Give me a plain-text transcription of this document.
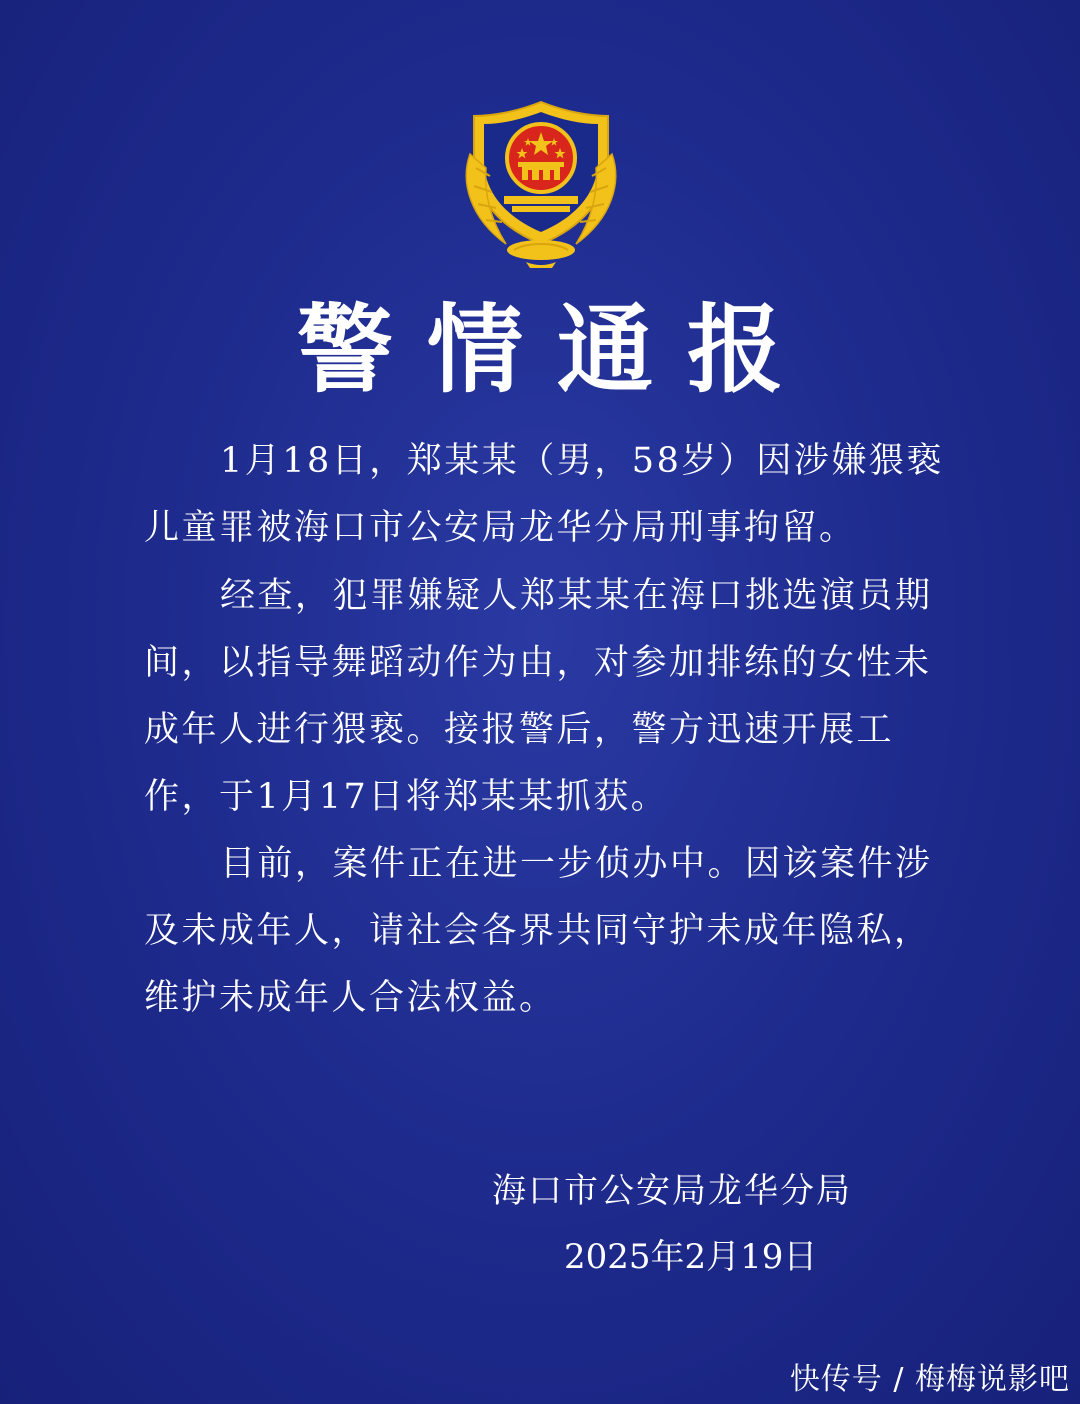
警情通报

1月18日，郑某某（男，58岁）因涉嫌猥亵儿童罪被海口市公安局龙华分局刑事拘留。

经查，犯罪嫌疑人郑某某在海口挑选演员期间，以指导舞蹈动作为由，对参加排练的女性未成年人进行猥亵。接报警后，警方迅速开展工作，于1月17日将郑某某抓获。

目前，案件正在进一步侦办中。因该案件涉及未成年人，请社会各界共同守护未成年隐私，维护未成年人合法权益。

海口市公安局龙华分局
2025年2月19日
快传号 / 梅梅说影吧
